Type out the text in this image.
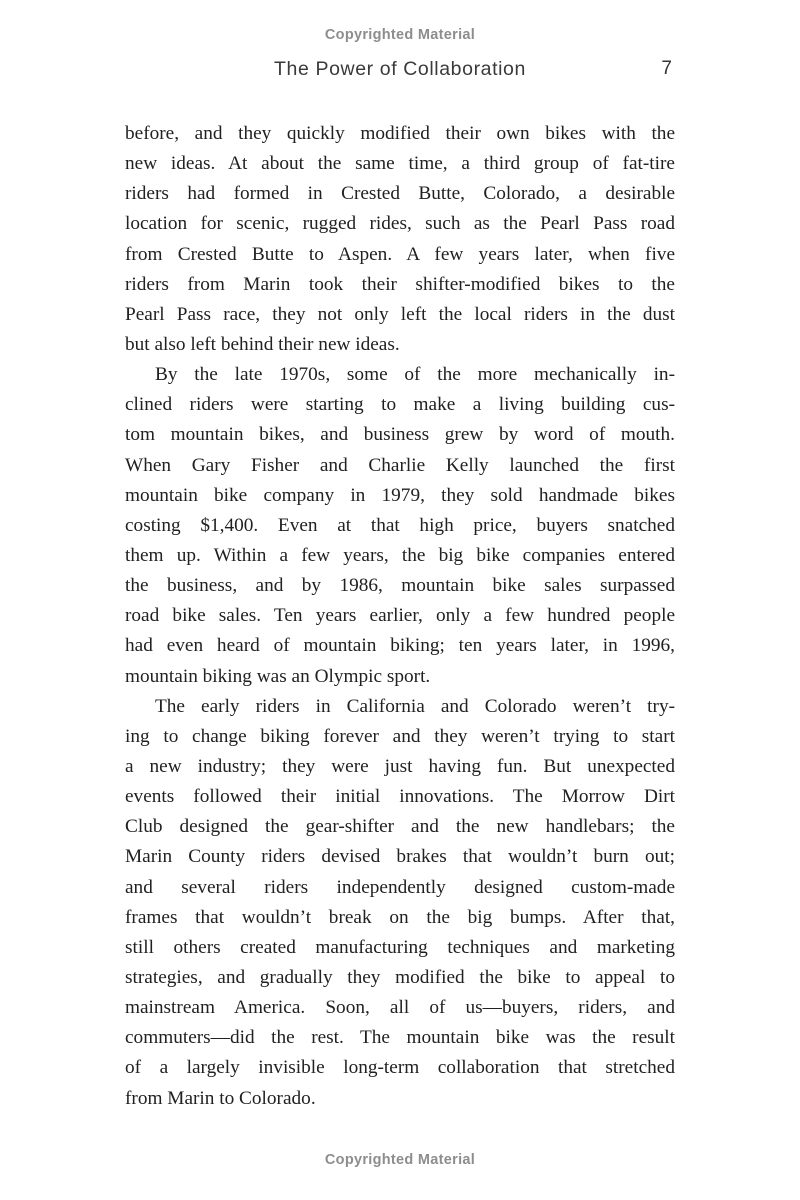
Copyrighted Material
The Power of Collaboration	7
before, and they quickly modified their own bikes with the
new ideas. At about the same time, a third group of fat-tire
riders had formed in Crested Butte, Colorado, a desirable
location for scenic, rugged rides, such as the Pearl Pass road
from Crested Butte to Aspen. A few years later, when five
riders from Marin took their shifter-modified bikes to the
Pearl Pass race, they not only left the local riders in the dust
but also left behind their new ideas.
By the late 1970s, some of the more mechanically in-
clined riders were starting to make a living building cus-
tom mountain bikes, and business grew by word of mouth.
When Gary Fisher and Charlie Kelly launched the first
mountain bike company in 1979, they sold handmade bikes
costing $1,400. Even at that high price, buyers snatched
them up. Within a few years, the big bike companies entered
the business, and by 1986, mountain bike sales surpassed
road bike sales. Ten years earlier, only a few hundred people
had even heard of mountain biking; ten years later, in 1996,
mountain biking was an Olympic sport.
The early riders in California and Colorado weren’t try-
ing to change biking forever and they weren’t trying to start
a new industry; they were just having fun. But unexpected
events followed their initial innovations. The Morrow Dirt
Club designed the gear-shifter and the new handlebars; the
Marin County riders devised brakes that wouldn’t burn out;
and several riders independently designed custom-made
frames that wouldn’t break on the big bumps. After that,
still others created manufacturing techniques and marketing
strategies, and gradually they modified the bike to appeal to
mainstream America. Soon, all of us—buyers, riders, and
commuters—did the rest. The mountain bike was the result
of a largely invisible long-term collaboration that stretched
from Marin to Colorado.
Copyrighted Material
